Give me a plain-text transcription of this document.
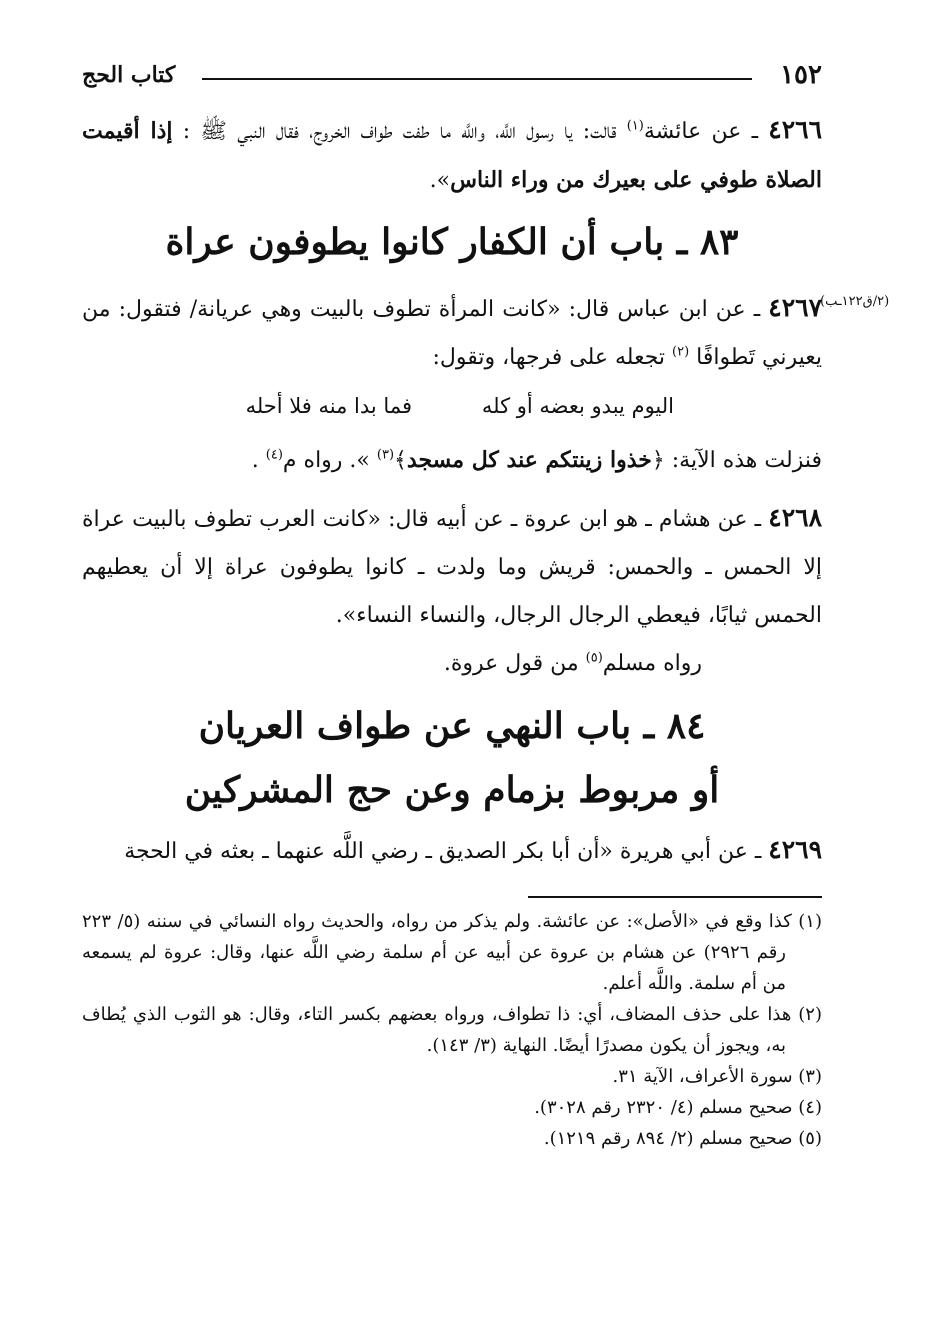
١٥٢
كتاب الحج
٤٢٦٦ ـ عن عائشة$^{(١)}$ قالت: يا رسول اللَّه، واللَّه ما طفت طواف الخروج، فقال النبي ﷺ : إذا أقيمت الصلاة طوفي على بعيرك من وراء الناس».
٨٣ ـ باب أن الكفار كانوا يطوفون عراة
(٢/ق١٢٢ـب)
٤٢٦٧ ـ عن ابن عباس قال: «كانت المرأة تطوف بالبيت وهي عريانة/ فتقول: من يعيرني تَطوافًا $^{(٢)}$ تجعله على فرجها، وتقول:
اليوم يبدو بعضه أو كله
فما بدا منه فلا أحله
فنزلت هذه الآية: ﴿خذوا زينتكم عند كل مسجد﴾$^{(٣)}$ ». رواه م$^{(٤)}$ .
٤٢٦٨ ـ عن هشام ـ هو ابن عروة ـ عن أبيه قال: «كانت العرب تطوف بالبيت عراة إلا الحمس ـ والحمس: قريش وما ولدت ـ كانوا يطوفون عراة إلا أن يعطيهم الحمس ثيابًا، فيعطي الرجال الرجال، والنساء النساء».
رواه مسلم$^{(٥)}$ من قول عروة.
٨٤ ـ باب النهي عن طواف العريان
أو مربوط بزمام وعن حج المشركين
٤٢٦٩ ـ عن أبي هريرة «أن أبا بكر الصديق ـ رضي اللَّه عنهما ـ بعثه في الحجة

(١) كذا وقع في «الأصل»: عن عائشة. ولم يذكر من رواه، والحديث رواه النسائي في سننه (٥/ ٢٢٣ رقم ٢٩٢٦) عن هشام بن عروة عن أبيه عن أم سلمة رضي اللَّه عنها، وقال: عروة لم يسمعه من أم سلمة. واللَّه أعلم.

(٢) هذا على حذف المضاف، أي: ذا تطواف، ورواه بعضهم بكسر التاء، وقال: هو الثوب الذي يُطاف به، ويجوز أن يكون مصدرًا أيضًا. النهاية (٣/ ١٤٣).

(٣) سورة الأعراف، الآية ٣١.

(٤) صحيح مسلم (٤/ ٢٣٢٠ رقم ٣٠٢٨).

(٥) صحيح مسلم (٢/ ٨٩٤ رقم ١٢١٩).
